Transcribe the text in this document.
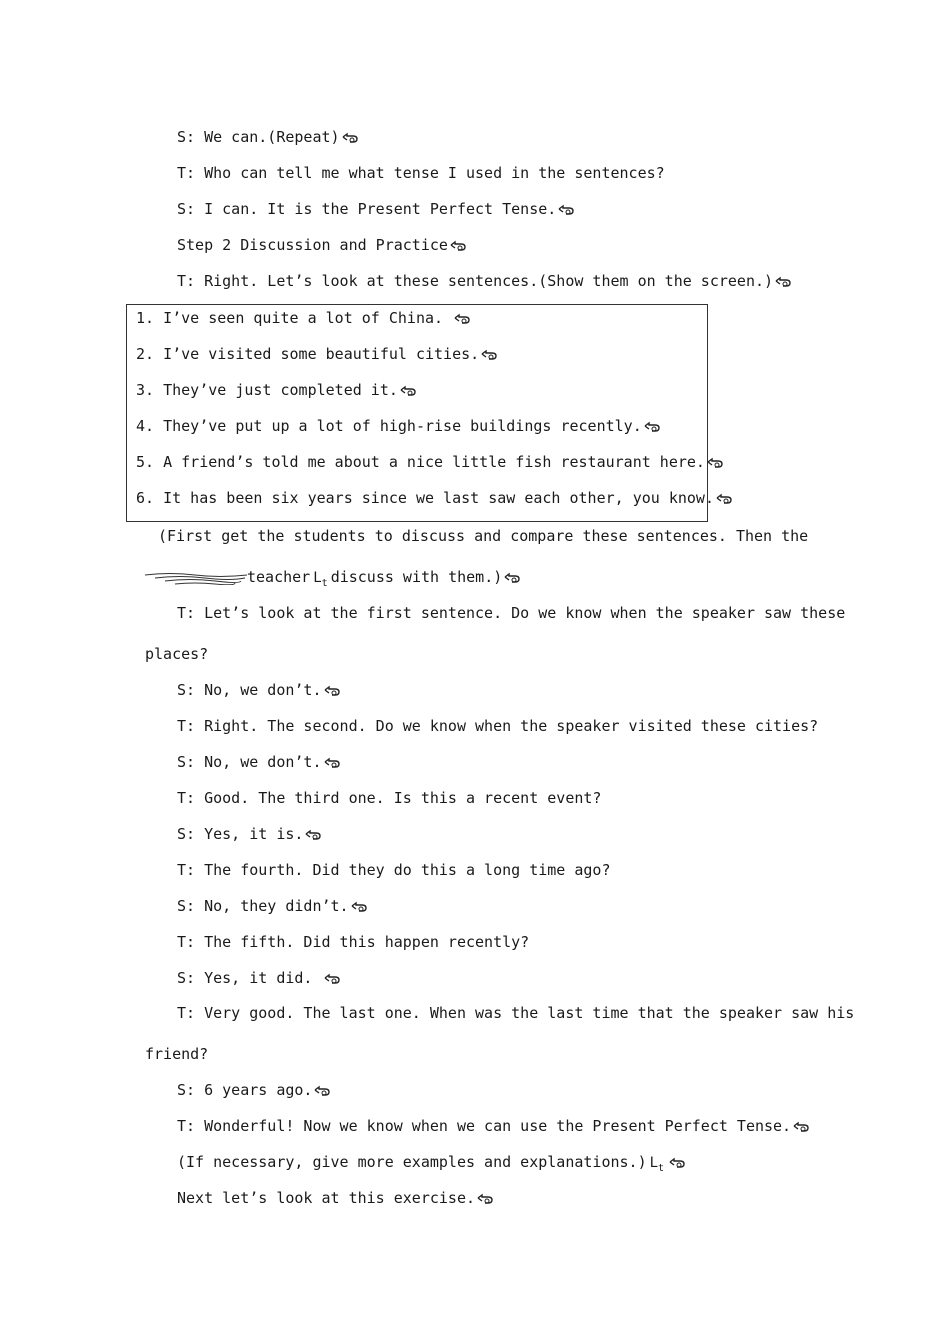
S: We can.(Repeat)
T: Who can tell me what tense I used in the sentences?
S: I can. It is the Present Perfect Tense.
Step 2 Discussion and Practice
T: Right. Let’s look at these sentences.(Show them on the screen.)
1. I’ve seen quite a lot of China.
2. I’ve visited some beautiful cities.
3. They’ve just completed it.
4. They’ve put up a lot of high-rise buildings recently.
5. A friend’s told me about a nice little fish restaurant here.
6. It has been six years since we last saw each other, you know.
(First get the students to discuss and compare these sentences. Then the
teacher $L_t$ discuss with them.)
T: Let’s look at the first sentence. Do we know when the speaker saw these
places?
S: No, we don’t.
T: Right. The second. Do we know when the speaker visited these cities?
S: No, we don’t.
T: Good. The third one. Is this a recent event?
S: Yes, it is.
T: The fourth. Did they do this a long time ago?
S: No, they didn’t.
T: The fifth. Did this happen recently?
S: Yes, it did.
T: Very good. The last one. When was the last time that the speaker saw his
friend?
S: 6 years ago.
T: Wonderful! Now we know when we can use the Present Perfect Tense.
(If necessary, give more examples and explanations.) $L_t$
Next let’s look at this exercise.
